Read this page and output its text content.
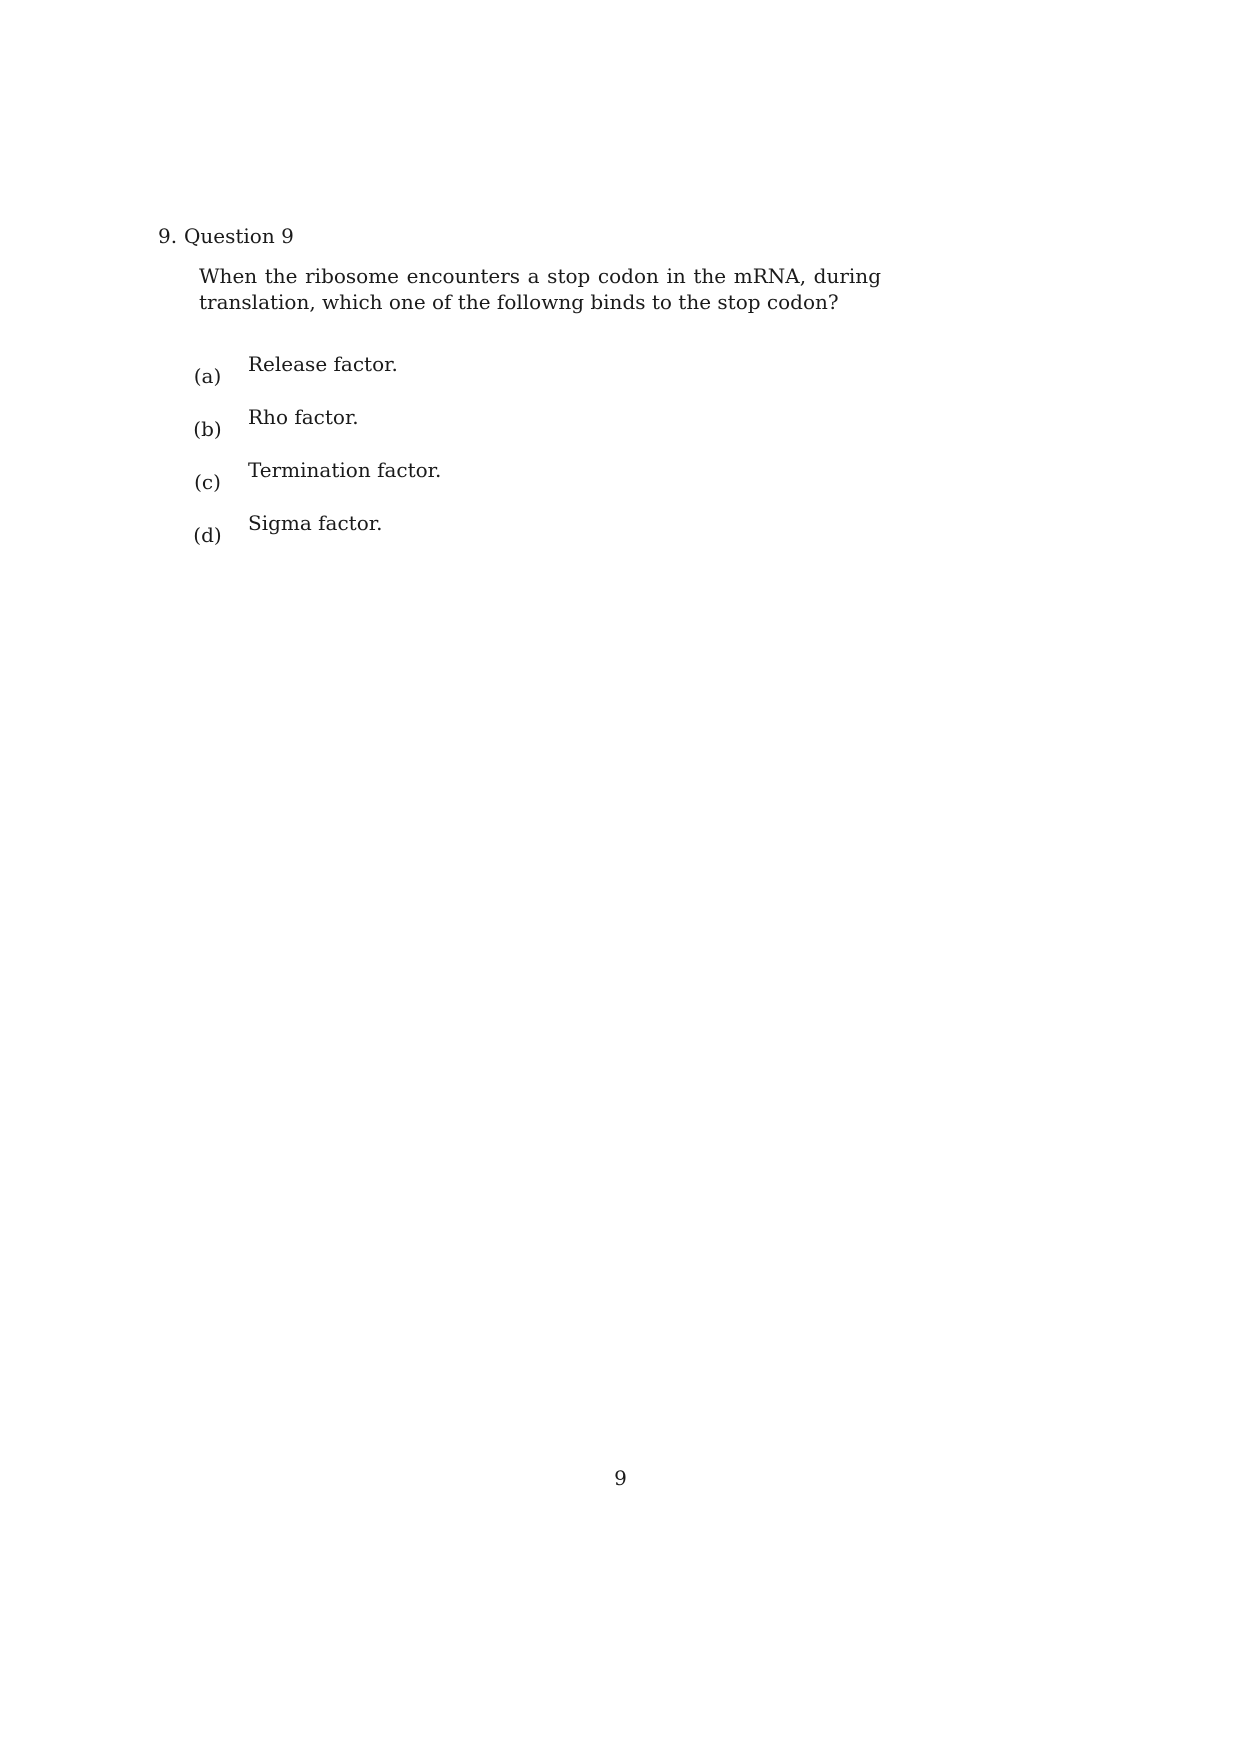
9. Question 9
When the ribosome encounters a stop codon in the mRNA, during translation, which one of the followng binds to the stop codon?
(a) Release factor.
(b) Rho factor.
(c) Termination factor.
(d) Sigma factor.
9
